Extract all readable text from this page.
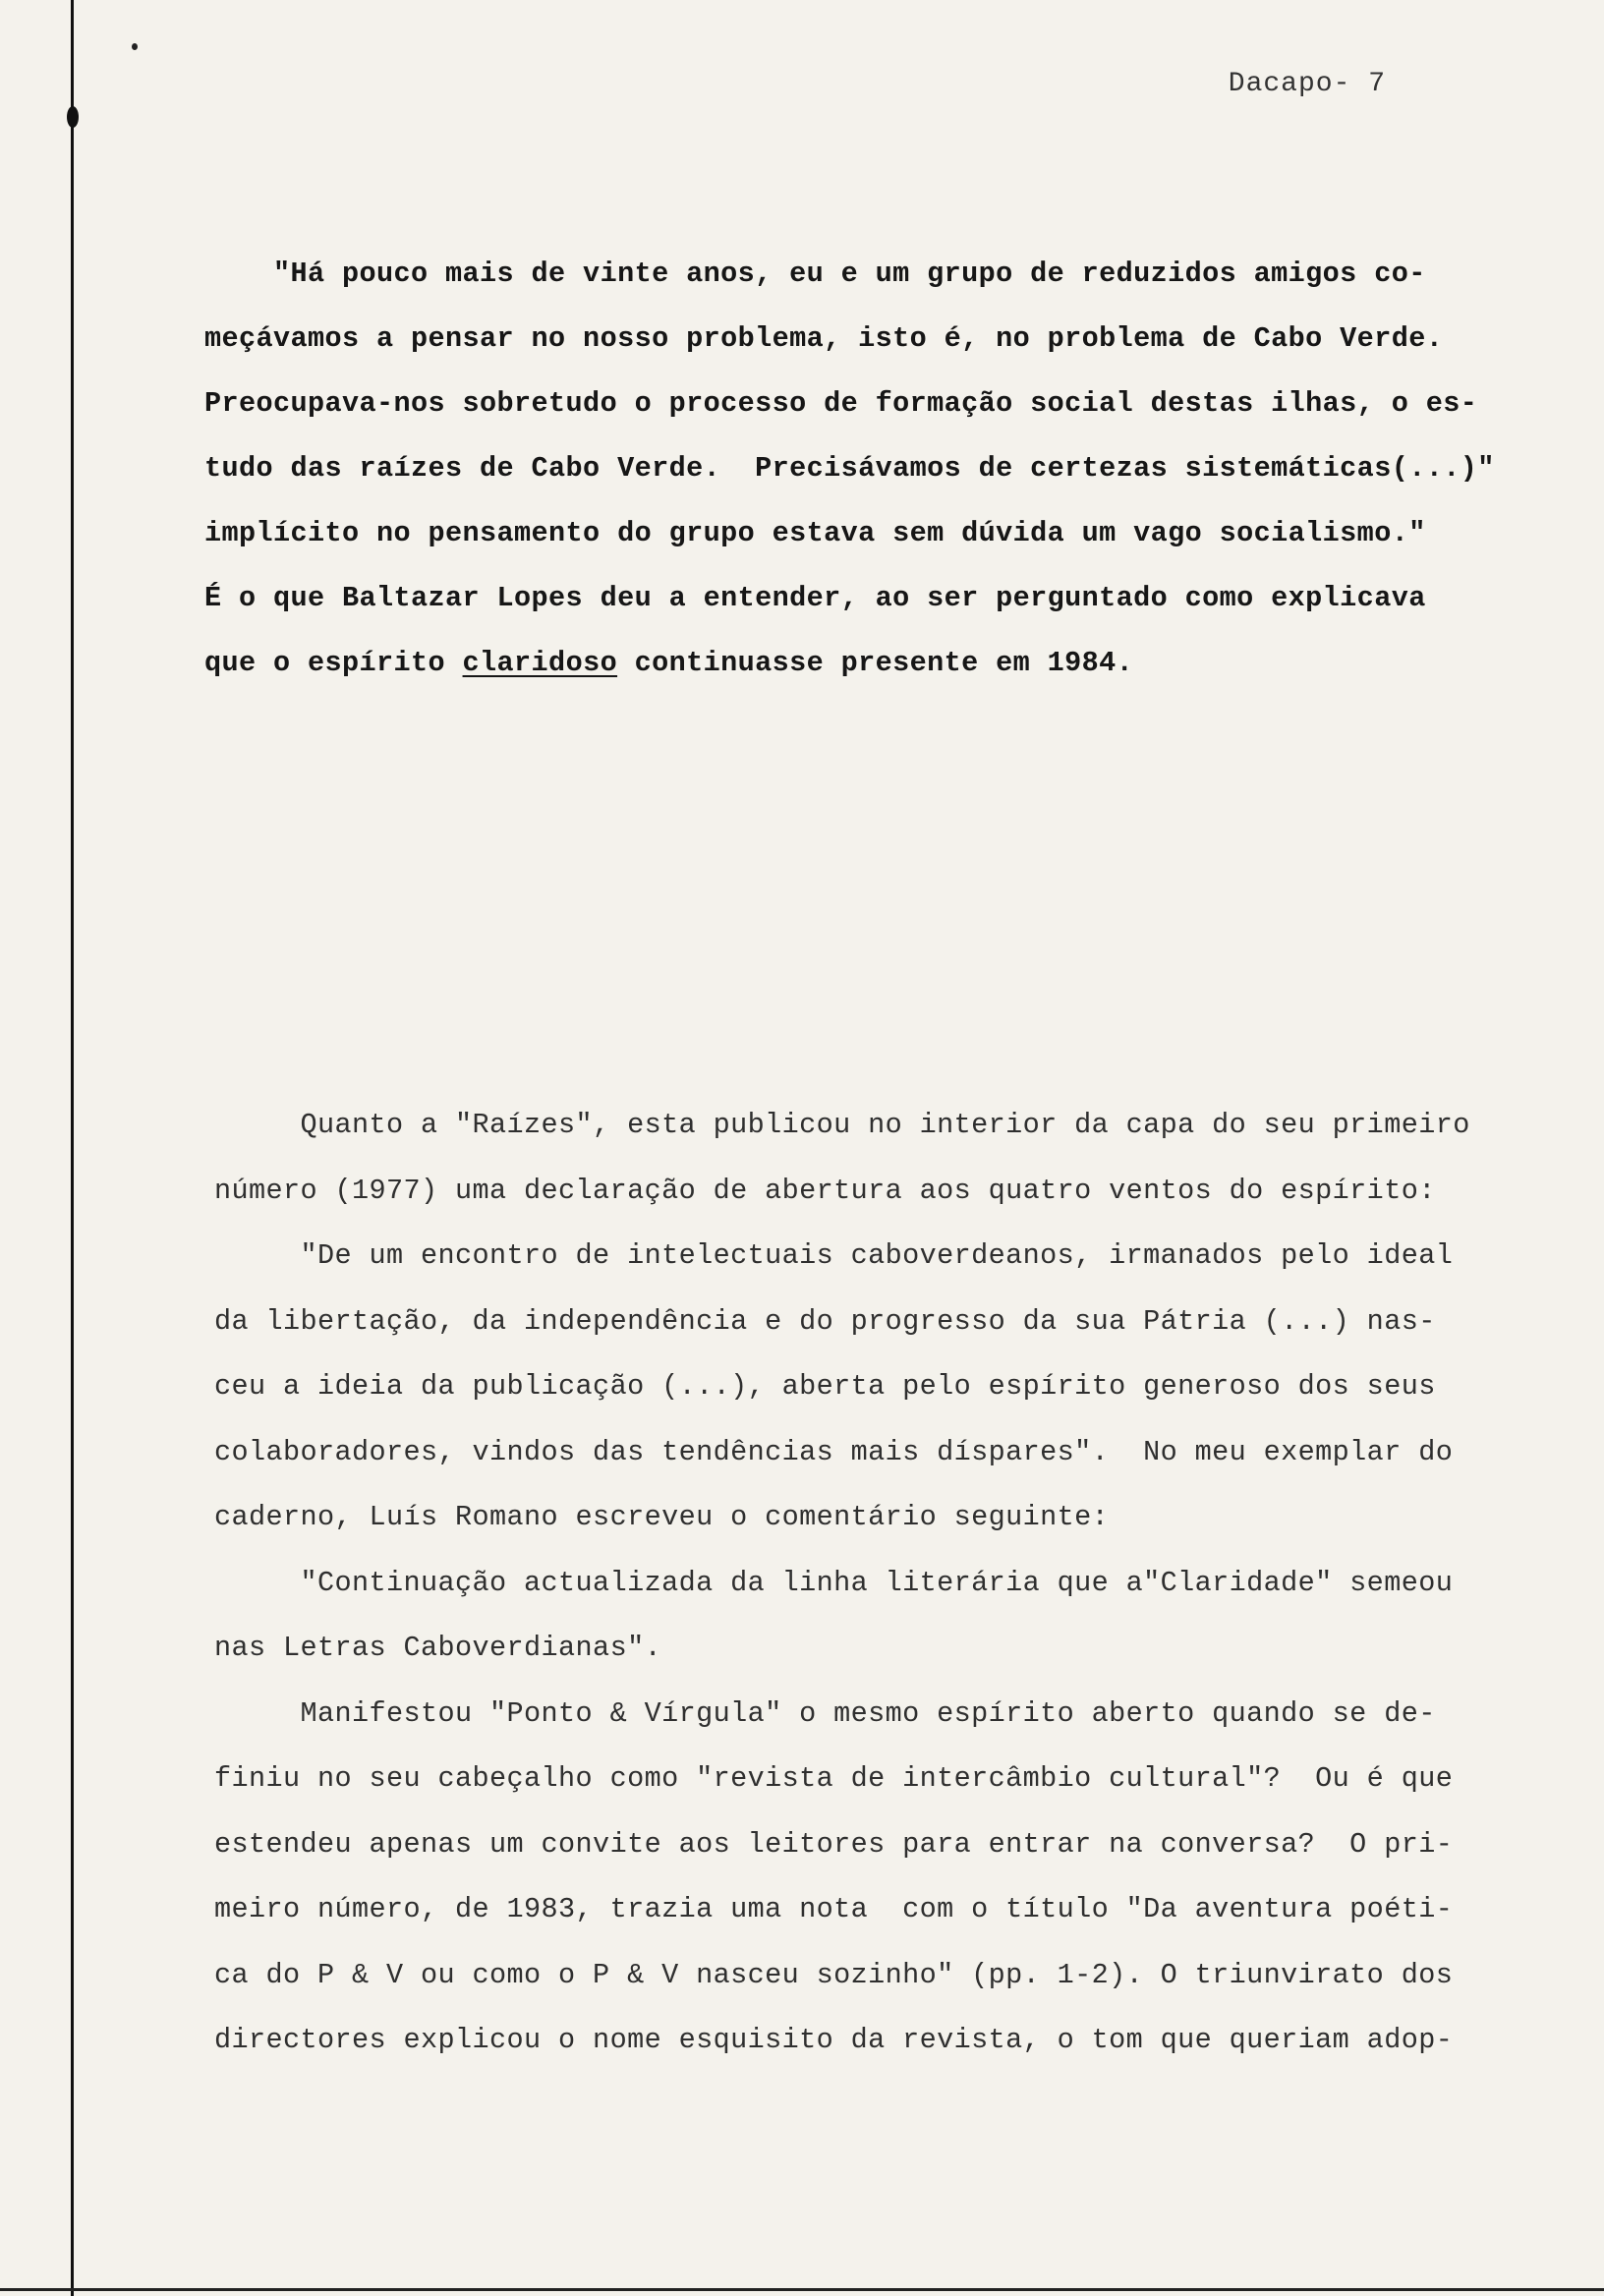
Dacapo- 7
"Há pouco mais de vinte anos, eu e um grupo de reduzidos amigos co-
meçávamos a pensar no nosso problema, isto é, no problema de Cabo Verde.
Preocupava-nos sobretudo o processo de formação social destas ilhas, o es-
tudo das raízes de Cabo Verde.  Precisávamos de certezas sistemáticas(...)"
implícito no pensamento do grupo estava sem dúvida um vago socialismo."
É o que Baltazar Lopes deu a entender, ao ser perguntado como explicava
que o espírito claridoso continuasse presente em 1984.
Quanto a "Raízes", esta publicou no interior da capa do seu primeiro
número (1977) uma declaração de abertura aos quatro ventos do espírito:
"De um encontro de intelectuais caboverdeanos, irmanados pelo ideal
da libertação, da independência e do progresso da sua Pátria (...) nas-
ceu a ideia da publicação (...), aberta pelo espírito generoso dos seus
colaboradores, vindos das tendências mais díspares".  No meu exemplar do
caderno, Luís Romano escreveu o comentário seguinte:
"Continuação actualizada da linha literária que a"Claridade" semeou
nas Letras Caboverdianas".
Manifestou "Ponto & Vírgula" o mesmo espírito aberto quando se de-
finiu no seu cabeçalho como "revista de intercâmbio cultural"?  Ou é que
estendeu apenas um convite aos leitores para entrar na conversa?  O pri-
meiro número, de 1983, trazia uma nota  com o título "Da aventura poéti-
ca do P & V ou como o P & V nasceu sozinho" (pp. 1-2). O triunvirato dos
directores explicou o nome esquisito da revista, o tom que queriam adop-
